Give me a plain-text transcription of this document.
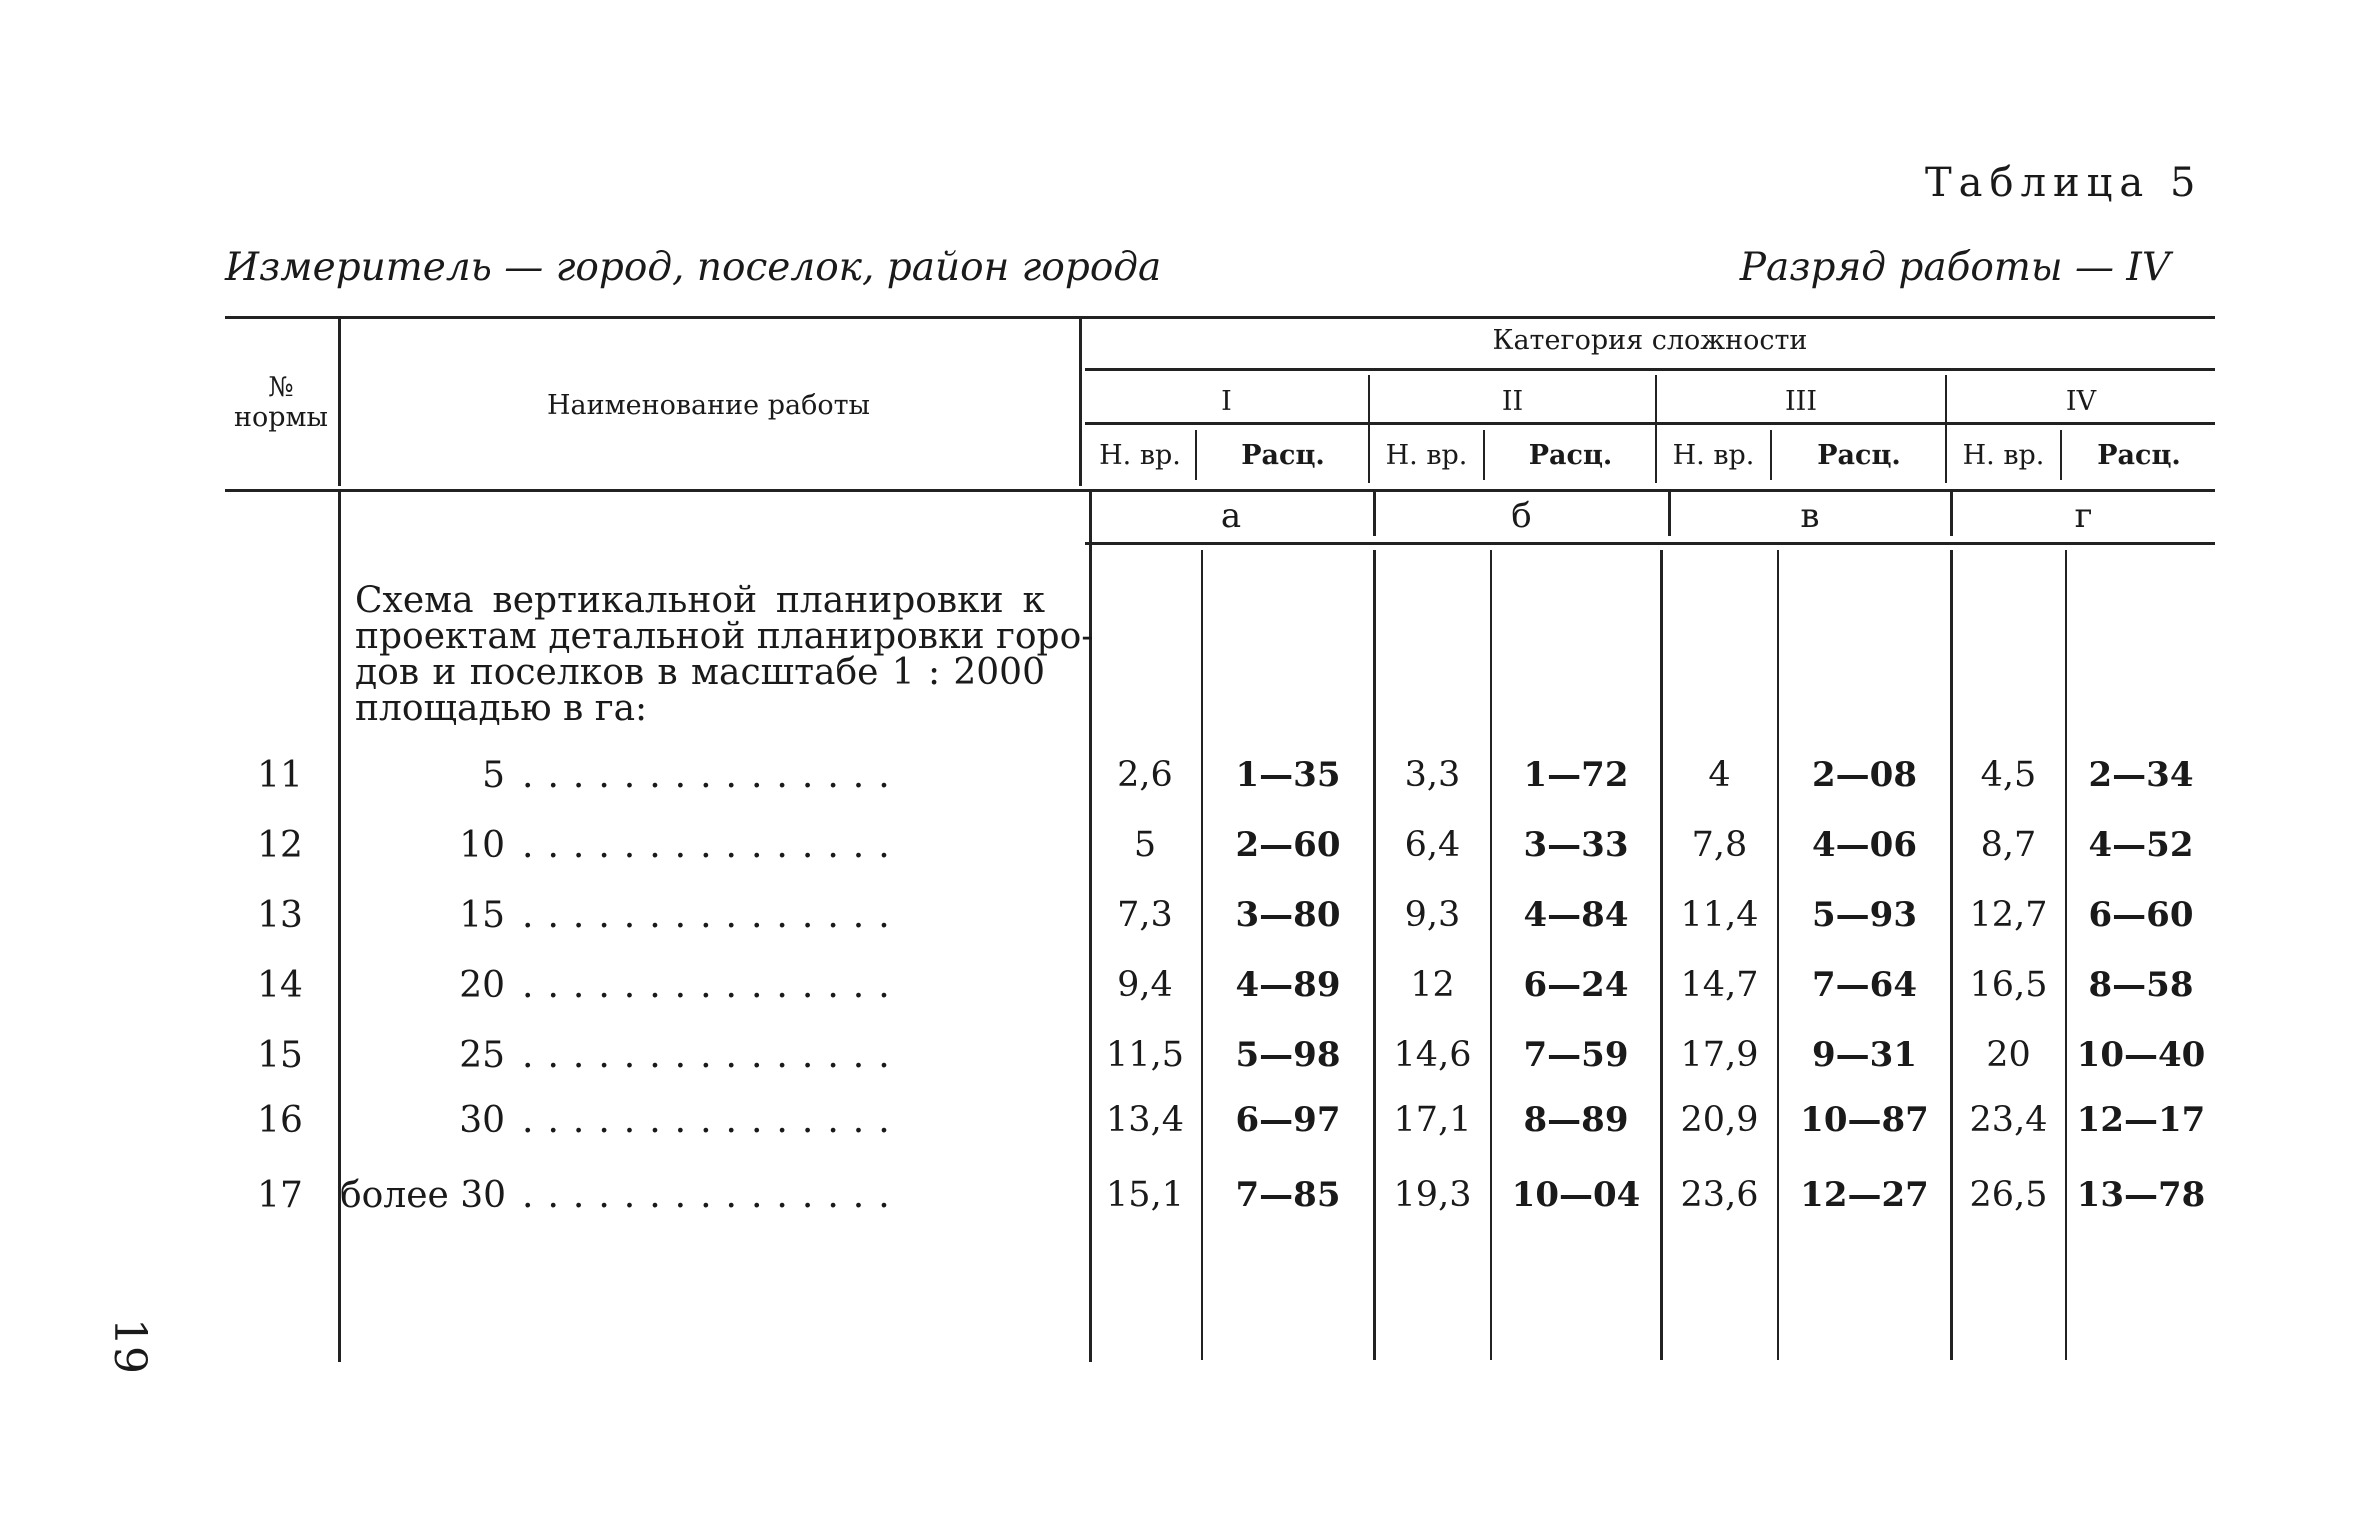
Таблица 5
Измеритель — город, поселок, район города	Разряд работы — IV
№
нормы	Наименование работы
Категория сложности
I	II	III	IV
Н. вр.	Расц.	Н. вр.	Расц.	Н. вр.	Расц.	Н. вр.	Расц.
а	б	в	г
Схема вертикальной планировки к
проектам детальной планировки горо-
дов и поселков в масштабе 1 : 2000
площадью в га:
11	5 ...............	2,6	1—35	3,3	1—72	4	2—08	4,5	2—34
12	10 ...............	5	2—60	6,4	3—33	7,8	4—06	8,7	4—52
13	15 ...............	7,3	3—80	9,3	4—84	11,4	5—93	12,7	6—60
14	20 ...............	9,4	4—89	12	6—24	14,7	7—64	16,5	8—58
15	25 ...............	11,5	5—98	14,6	7—59	17,9	9—31	20	10—40
16	30 ...............	13,4	6—97	17,1	8—89	20,9	10—87	23,4 12—17
17	более 30 ...............	15,1	7—85	19,3	10—04	23,6	12—27	26,5 13—78
19
